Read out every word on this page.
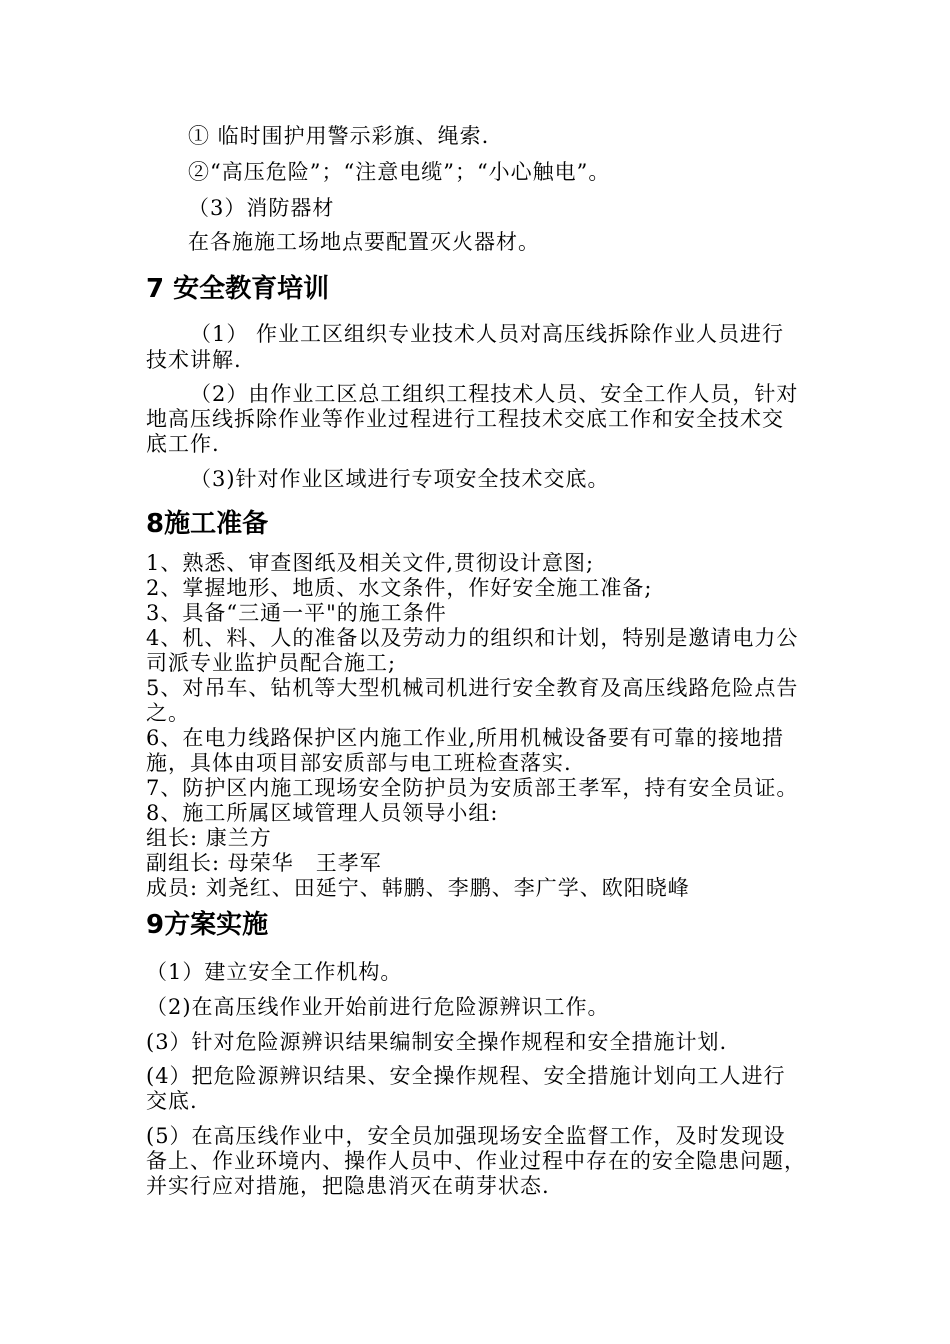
① 临时围护用警示彩旗、绳索.
②“高压危险”；“注意电缆”；“小心触电”。
（3）消防器材
在各施施工场地点要配置灭火器材。
7 安全教育培训
（1） 作业工区组织专业技术人员对高压线拆除作业人员进行
技术讲解.
（2）由作业工区总工组织工程技术人员、安全工作人员，针对
地高压线拆除作业等作业过程进行工程技术交底工作和安全技术交
底工作.
（3)针对作业区域进行专项安全技术交底。
8施工准备
1、熟悉、审查图纸及相关文件,贯彻设计意图;
2、掌握地形、地质、水文条件，作好安全施工准备;
3、具备“三通一平"的施工条件
4、机、料、人的准备以及劳动力的组织和计划，特别是邀请电力公
司派专业监护员配合施工;
5、对吊车、钻机等大型机械司机进行安全教育及高压线路危险点告
之。
6、在电力线路保护区内施工作业,所用机械设备要有可靠的接地措
施，具体由项目部安质部与电工班检查落实.
7、防护区内施工现场安全防护员为安质部王孝军，持有安全员证。
8、施工所属区域管理人员领导小组:
组长: 康兰方
副组长: 母荣华　王孝军
成员: 刘尧红、田延宁、韩鹏、李鹏、李广学、欧阳晓峰
9方案实施
（1）建立安全工作机构。
（2)在高压线作业开始前进行危险源辨识工作。
(3）针对危险源辨识结果编制安全操作规程和安全措施计划.
(4）把危险源辨识结果、安全操作规程、安全措施计划向工人进行
交底.
(5）在高压线作业中，安全员加强现场安全监督工作，及时发现设
备上、作业环境内、操作人员中、作业过程中存在的安全隐患问题，
并实行应对措施，把隐患消灭在萌芽状态.
